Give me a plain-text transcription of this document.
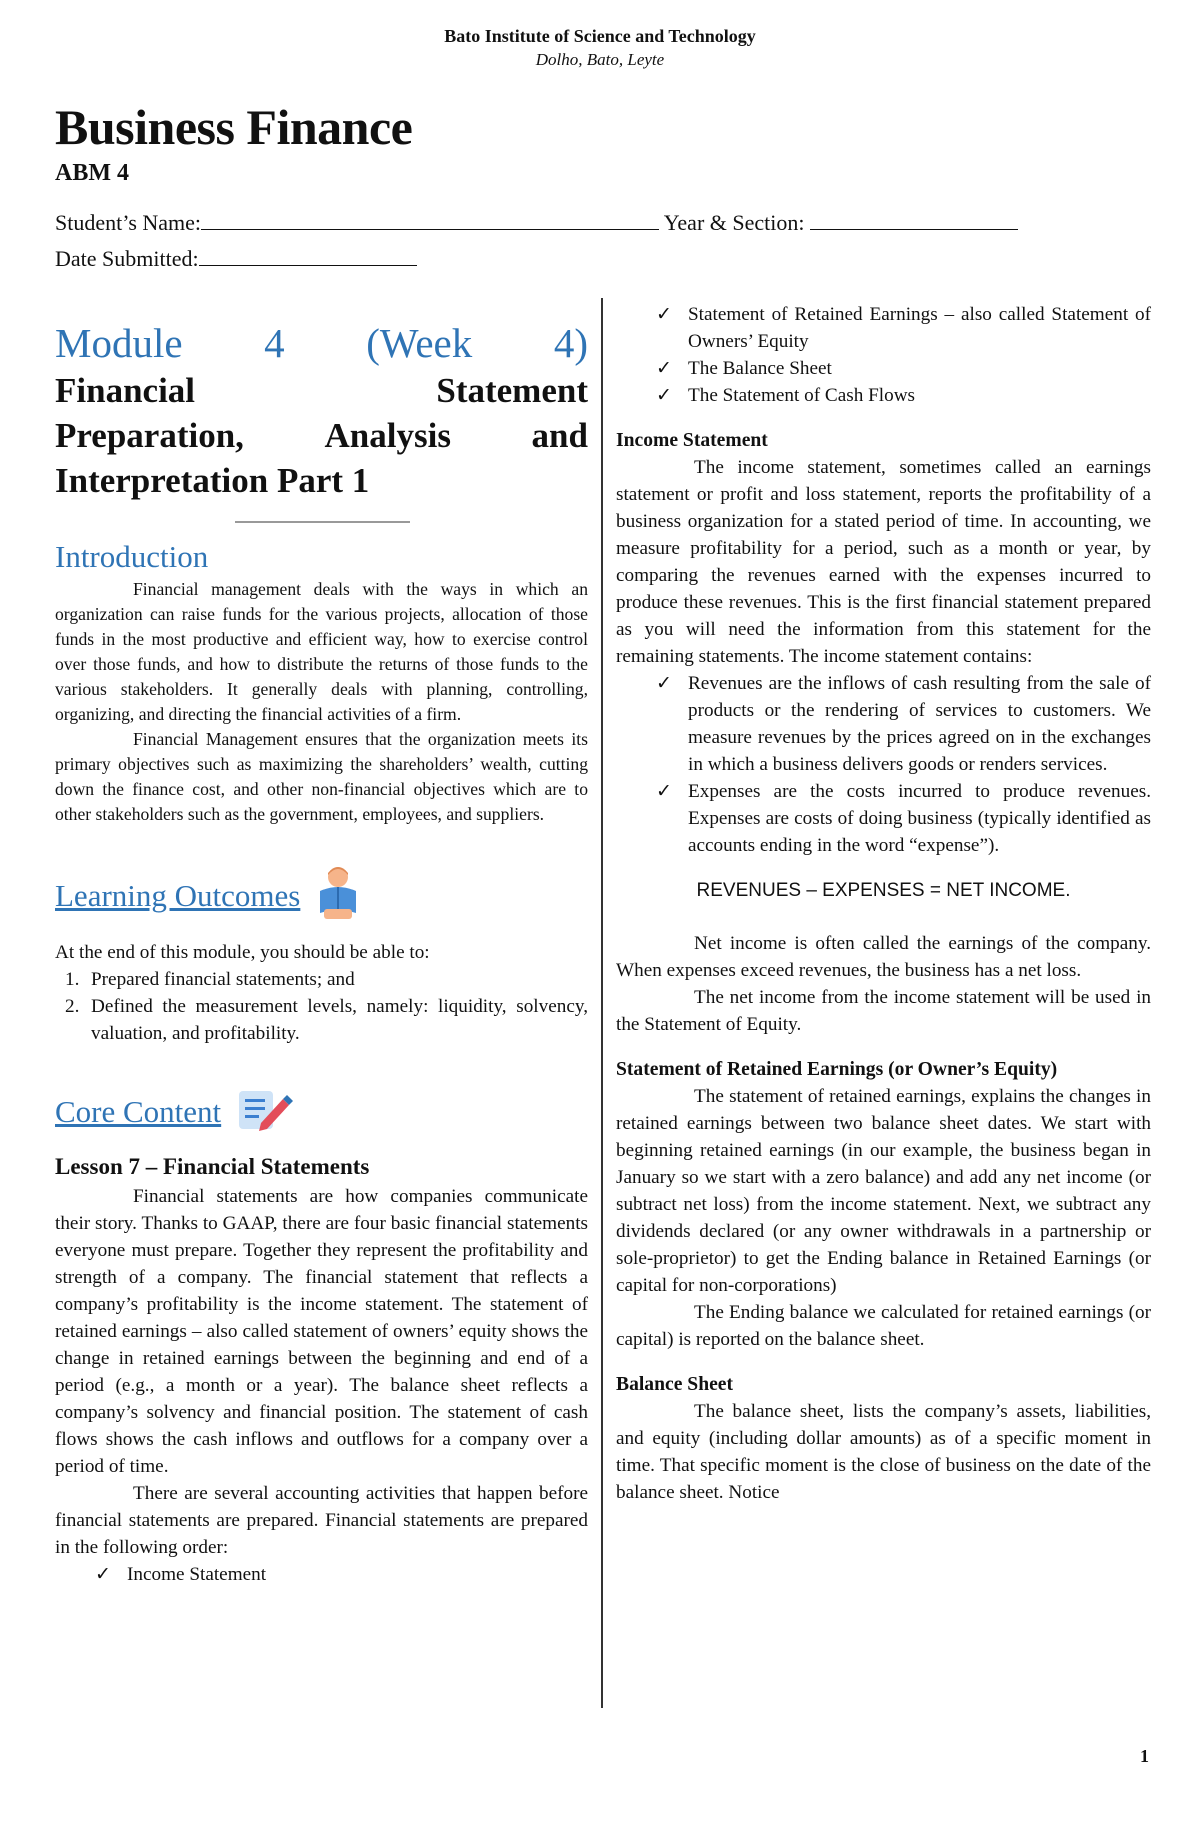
Bato Institute of Science and Technology
Dolho, Bato, Leyte
Business Finance
ABM 4
Student’s Name:	Year & Section:
Date Submitted:
Module 4 (Week 4)
Financial	Statement
Preparation, Analysis and
Interpretation Part 1
Introduction

Financial management deals with the ways in which an organization can raise funds for the various projects, allocation of those funds in the most productive and efficient way, how to exercise control over those funds, and how to distribute the returns of those funds to the various stakeholders. It generally deals with planning, controlling, organizing, and directing the financial activities of a firm.

Financial Management ensures that the organization meets its primary objectives such as maximizing the shareholders’ wealth, cutting down the finance cost, and other non-financial objectives which are to other stakeholders such as the government, employees, and suppliers.

Learning Outcomes

At the end of this module, you should be able to:

1. Prepared financial statements; and
2. Defined the measurement levels, namely: liquidity, solvency, valuation, and profitability.
Core Content
Lesson 7 – Financial Statements

Financial statements are how companies communicate their story. Thanks to GAAP, there are four basic financial statements everyone must prepare. Together they represent the profitability and strength of a company. The financial statement that reflects a company’s profitability is the income statement. The statement of retained earnings – also called statement of owners’ equity shows the change in retained earnings between the beginning and end of a period (e.g., a month or a year). The balance sheet reflects a company’s solvency and financial position. The statement of cash flows shows the cash inflows and outflows for a company over a period of time.

There are several accounting activities that happen before financial statements are prepared. Financial statements are prepared in the following order:

✓ Income Statement
✓ Statement of Retained Earnings – also called Statement of Owners’ Equity
✓ The Balance Sheet
✓ The Statement of Cash Flows
Income Statement

The income statement, sometimes called an earnings statement or profit and loss statement, reports the profitability of a business organization for a stated period of time. In accounting, we measure profitability for a period, such as a month or year, by comparing the revenues earned with the expenses incurred to produce these revenues. This is the first financial statement prepared as you will need the information from this statement for the remaining statements. The income statement contains:

✓ Revenues are the inflows of cash resulting from the sale of products or the rendering of services to customers. We measure revenues by the prices agreed on in the exchanges in which a business delivers goods or renders services.
✓ Expenses are the costs incurred to produce revenues. Expenses are costs of doing business (typically identified as accounts ending in the word “expense”).
REVENUES – EXPENSES = NET INCOME.

Net income is often called the earnings of the company. When expenses exceed revenues, the business has a net loss.

The net income from the income statement will be used in the Statement of Equity.

Statement of Retained Earnings (or Owner’s Equity)

The statement of retained earnings, explains the changes in retained earnings between two balance sheet dates. We start with beginning retained earnings (in our example, the business began in January so we start with a zero balance) and add any net income (or subtract net loss) from the income statement. Next, we subtract any dividends declared (or any owner withdrawals in a partnership or sole-proprietor) to get the Ending balance in Retained Earnings (or capital for non-corporations)

The Ending balance we calculated for retained earnings (or capital) is reported on the balance sheet.

Balance Sheet

The balance sheet, lists the company’s assets, liabilities, and equity (including dollar amounts) as of a specific moment in time. That specific moment is the close of business on the date of the balance sheet. Notice

1
